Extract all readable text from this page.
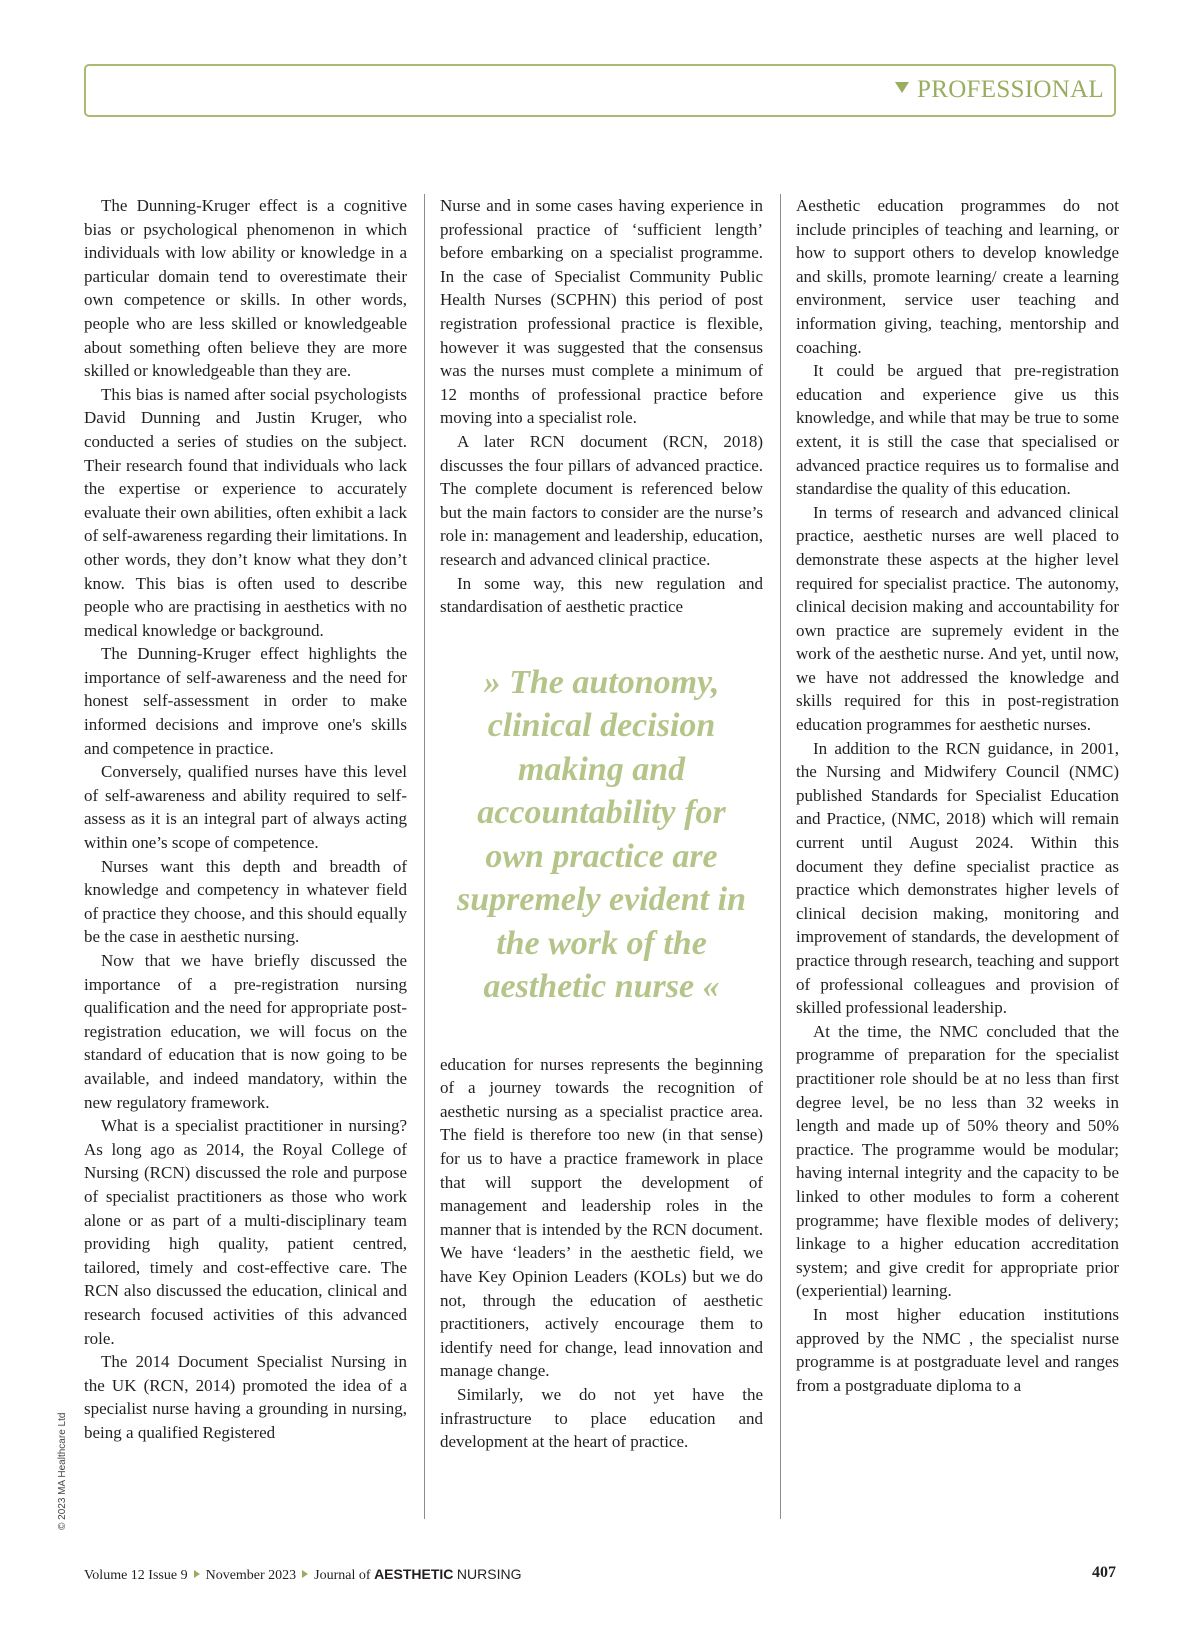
PROFESSIONAL

The Dunning-Kruger effect is a cognitive bias or psychological phenomenon in which individuals with low ability or knowledge in a particular domain tend to overestimate their own competence or skills. In other words, people who are less skilled or knowledgeable about something often believe they are more skilled or knowledgeable than they are.

This bias is named after social psychologists David Dunning and Justin Kruger, who conducted a series of studies on the subject. Their research found that individuals who lack the expertise or experience to accurately evaluate their own abilities, often exhibit a lack of self-awareness regarding their limitations. In other words, they don’t know what they don’t know. This bias is often used to describe people who are practising in aesthetics with no medical knowledge or background.

The Dunning-Kruger effect highlights the importance of self-awareness and the need for honest self-assessment in order to make informed decisions and improve one's skills and competence in practice.

Conversely, qualified nurses have this level of self-awareness and ability required to self-assess as it is an integral part of always acting within one’s scope of competence.

Nurses want this depth and breadth of knowledge and competency in whatever field of practice they choose, and this should equally be the case in aesthetic nursing.

Now that we have briefly discussed the importance of a pre-registration nursing qualification and the need for appropriate post-registration education, we will focus on the standard of education that is now going to be available, and indeed mandatory, within the new regulatory framework.

What is a specialist practitioner in nursing? As long ago as 2014, the Royal College of Nursing (RCN) discussed the role and purpose of specialist practitioners as those who work alone or as part of a multi-disciplinary team providing high quality, patient centred, tailored, timely and cost-effective care. The RCN also discussed the education, clinical and research focused activities of this advanced role.

The 2014 Document Specialist Nursing in the UK (RCN, 2014) promoted the idea of a specialist nurse having a grounding in nursing, being a qualified Registered

Nurse and in some cases having experience in professional practice of ‘sufficient length’ before embarking on a specialist programme. In the case of Specialist Community Public Health Nurses (SCPHN) this period of post registration professional practice is flexible, however it was suggested that the consensus was the nurses must complete a minimum of 12 months of professional practice before moving into a specialist role.

A later RCN document (RCN, 2018) discusses the four pillars of advanced practice. The complete document is referenced below but the main factors to consider are the nurse’s role in: management and leadership, education, research and advanced clinical practice.

In some way, this new regulation and standardisation of aesthetic practice

» The autonomy, clinical decision making and accountability for own practice are supremely evident in the work of the aesthetic nurse «

education for nurses represents the beginning of a journey towards the recognition of aesthetic nursing as a specialist practice area. The field is therefore too new (in that sense) for us to have a practice framework in place that will support the development of management and leadership roles in the manner that is intended by the RCN document. We have ‘leaders’ in the aesthetic field, we have Key Opinion Leaders (KOLs) but we do not, through the education of aesthetic practitioners, actively encourage them to identify need for change, lead innovation and manage change.

Similarly, we do not yet have the infrastructure to place education and development at the heart of practice.

Aesthetic education programmes do not include principles of teaching and learning, or how to support others to develop knowledge and skills, promote learning/ create a learning environment, service user teaching and information giving, teaching, mentorship and coaching.

It could be argued that pre-registration education and experience give us this knowledge, and while that may be true to some extent, it is still the case that specialised or advanced practice requires us to formalise and standardise the quality of this education.

In terms of research and advanced clinical practice, aesthetic nurses are well placed to demonstrate these aspects at the higher level required for specialist practice. The autonomy, clinical decision making and accountability for own practice are supremely evident in the work of the aesthetic nurse. And yet, until now, we have not addressed the knowledge and skills required for this in post-registration education programmes for aesthetic nurses.

In addition to the RCN guidance, in 2001, the Nursing and Midwifery Council (NMC) published Standards for Specialist Education and Practice, (NMC, 2018) which will remain current until August 2024. Within this document they define specialist practice as practice which demonstrates higher levels of clinical decision making, monitoring and improvement of standards, the development of practice through research, teaching and support of professional colleagues and provision of skilled professional leadership.

At the time, the NMC concluded that the programme of preparation for the specialist practitioner role should be at no less than first degree level, be no less than 32 weeks in length and made up of 50% theory and 50% practice. The programme would be modular; having internal integrity and the capacity to be linked to other modules to form a coherent programme; have flexible modes of delivery; linkage to a higher education accreditation system; and give credit for appropriate prior (experiential) learning.

In most higher education institutions approved by the NMC , the specialist nurse programme is at postgraduate level and ranges from a postgraduate diploma to a

© 2023 MA Healthcare Ltd
Volume 12 Issue 9 November 2023 Journal of AESTHETIC NURSING	407
